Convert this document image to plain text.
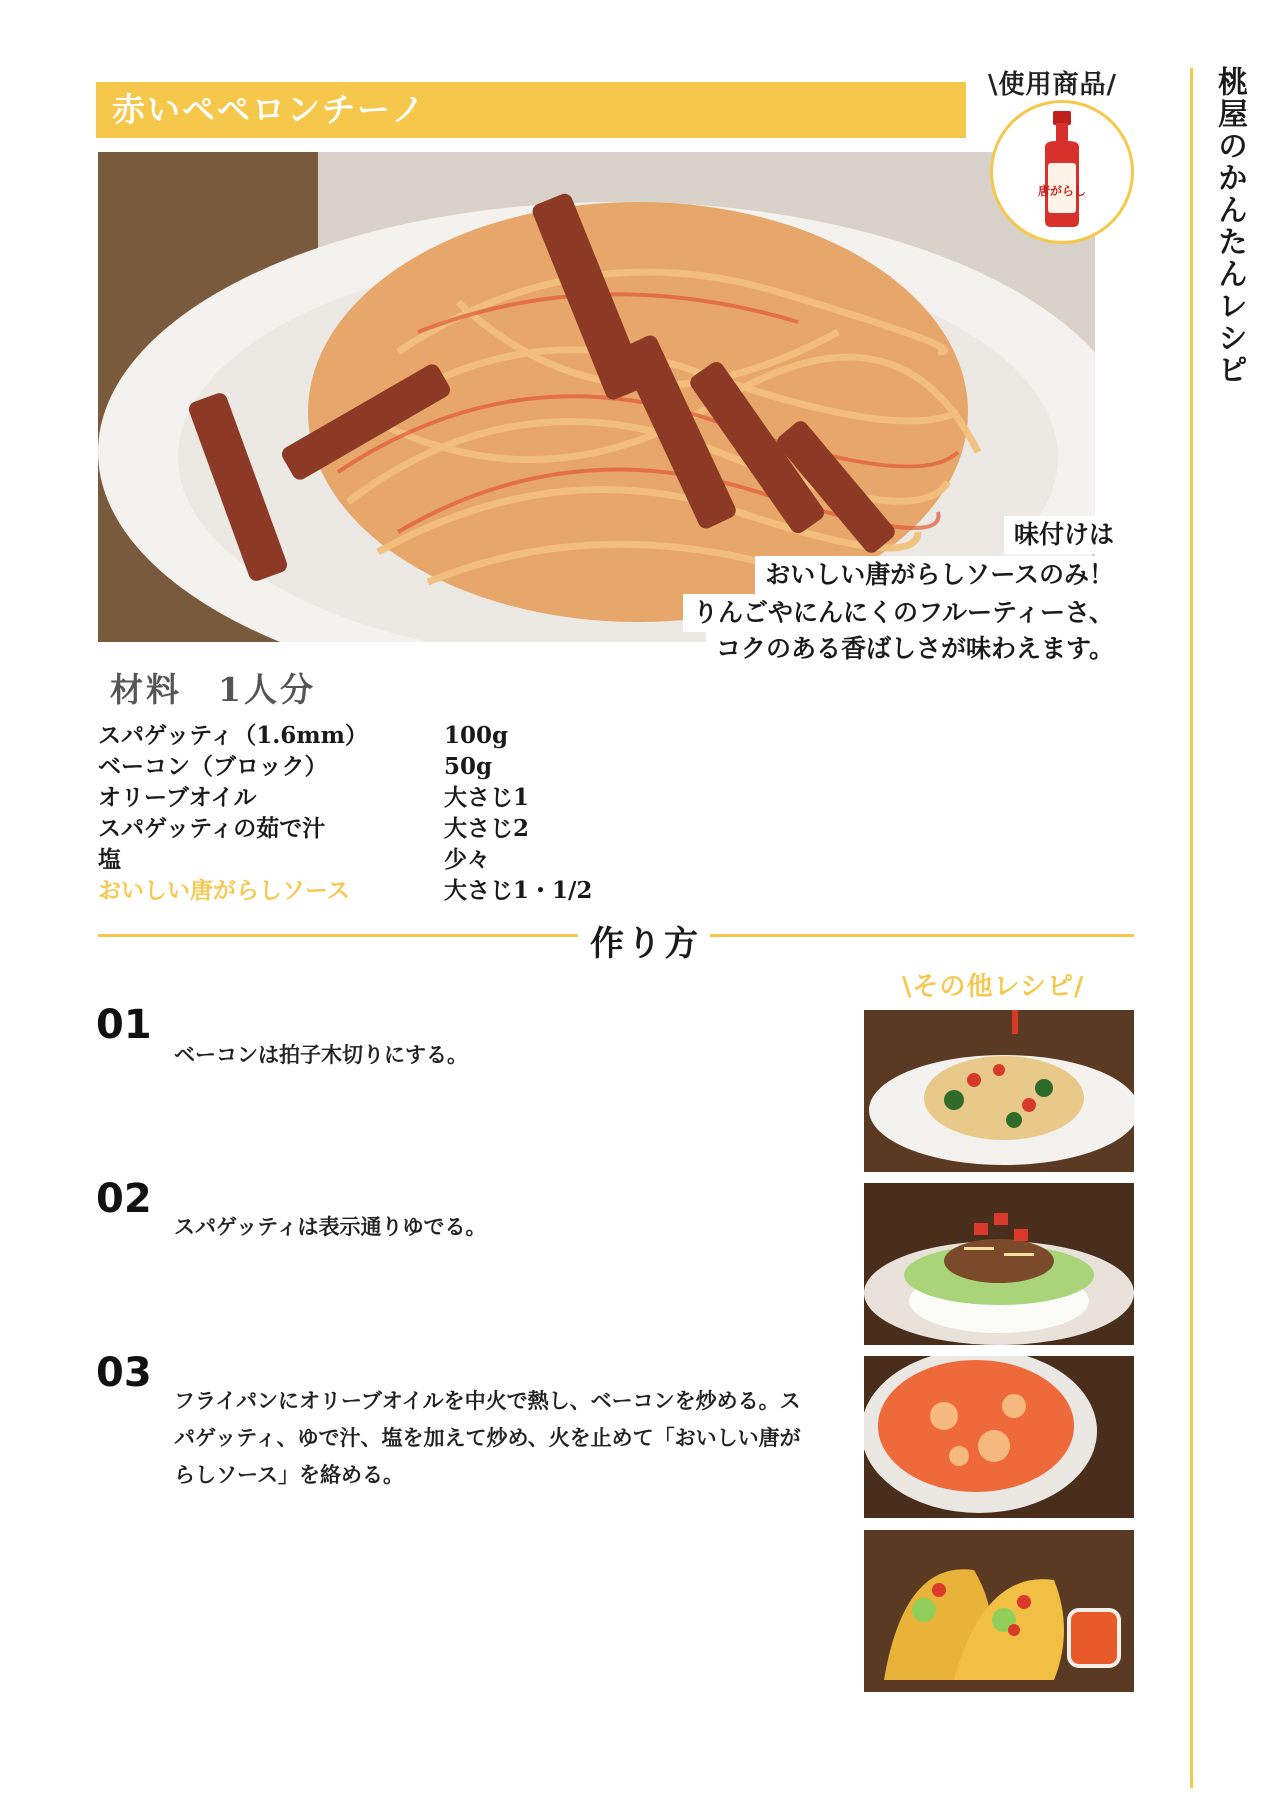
赤いペペロンチーノ	桃屋のかんたんレシピ
\使用商品/
唐がらし
味付けは
おいしい唐がらしソースのみ！
りんごやにんにくのフルーティーさ、
コクのある香ばしさが味わえます。
材料　1人分
スパゲッティ（1.6mm）	100g
ベーコン（ブロック）	50g
オリーブオイル	大さじ1
スパゲッティの茹で汁	大さじ2
塩	少々
おいしい唐がらしソース	大さじ1・1/2
作り方
01
ベーコンは拍子木切りにする。
02
スパゲッティは表示通りゆでる。
03
フライパンにオリーブオイルを中火で熱し、ベーコンを炒める。スパゲッティ、ゆで汁、塩を加えて炒め、火を止めて「おいしい唐がらしソース」を絡める。
\その他レシピ/
